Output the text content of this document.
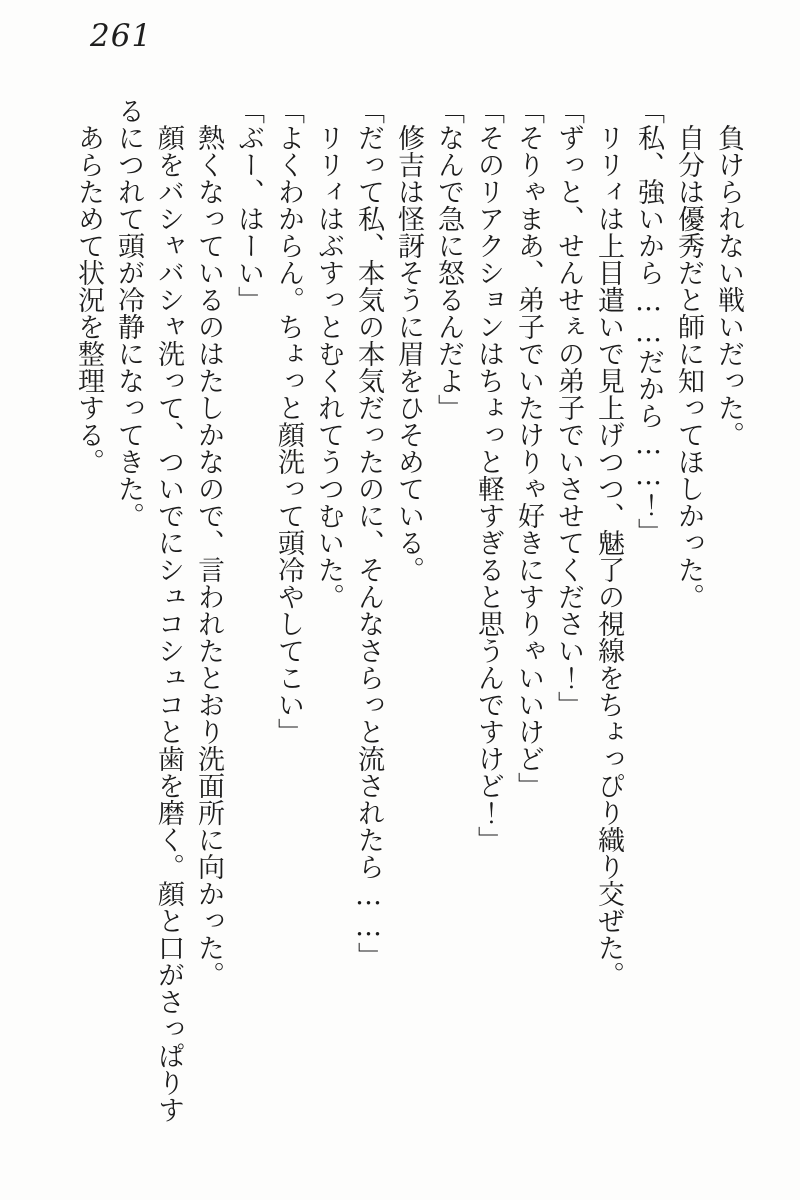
261

負けられない戦いだった。

自分は優秀だと師に知ってほしかった。

「私、強いから……だから……！」

リリィは上目遣いで見上げつつ、魅了の視線をちょっぴり織り交ぜた。

「ずっと、せんせぇの弟子でいさせてください！」

「そりゃまあ、弟子でいたけりゃ好きにすりゃいいけど」

「そのリアクションはちょっと軽すぎると思うんですけど！」

「なんで急に怒るんだよ」

修吉は怪訝そうに眉をひそめている。

「だって私、本気の本気だったのに、そんなさらっと流されたら……」

リリィはぶすっとむくれてうつむいた。

「よくわからん。ちょっと顔洗って頭冷やしてこい」

「ぶー、はーい」

熱くなっているのはたしかなので、言われたとおり洗面所に向かった。

顔をバシャバシャ洗って、ついでにシュコシュコと歯を磨く。顔と口がさっぱりす

るにつれて頭が冷静になってきた。

あらためて状況を整理する。
